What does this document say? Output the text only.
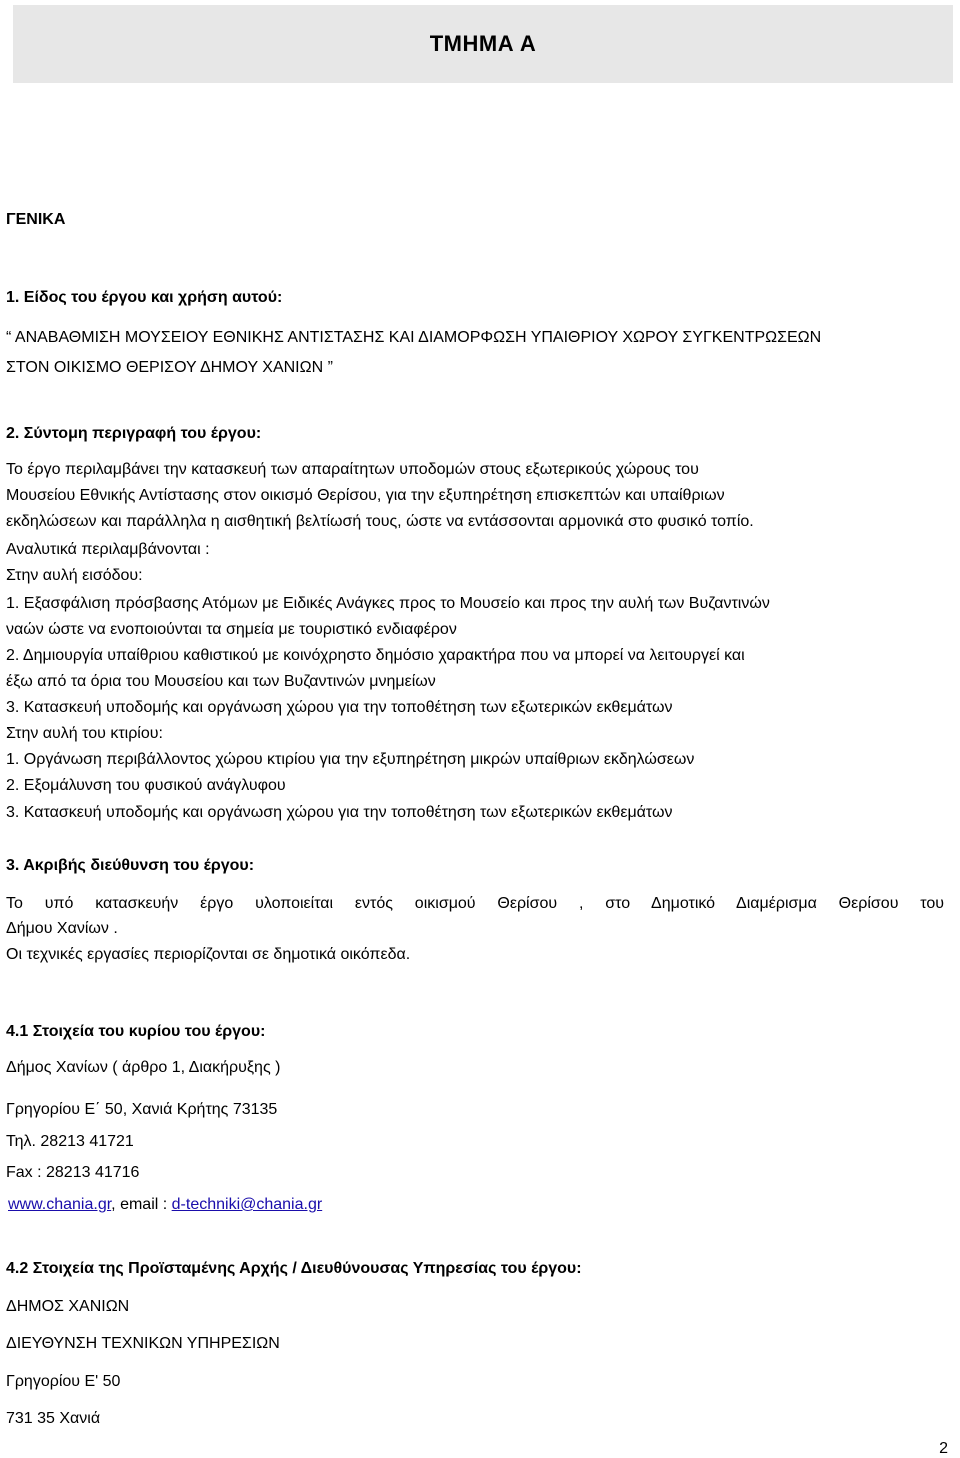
ΤΜΗΜΑ Α
ΓΕΝΙΚΑ
1. Είδος του έργου και χρήση αυτού:
“ ΑΝΑΒΑΘΜΙΣΗ ΜΟΥΣΕΙΟΥ ΕΘΝΙΚΗΣ ΑΝΤΙΣΤΑΣΗΣ ΚΑΙ ΔΙΑΜΟΡΦΩΣΗ ΥΠΑΙΘΡΙΟΥ ΧΩΡΟΥ ΣΥΓΚΕΝΤΡΩΣΕΩΝ
ΣΤΟΝ ΟΙΚΙΣΜΟ ΘΕΡΙΣΟΥ ΔΗΜΟΥ ΧΑΝΙΩΝ ”
2. Σύντομη περιγραφή του έργου:
Το έργο περιλαμβάνει την κατασκευή των απαραίτητων υποδομών στους εξωτερικούς χώρους του
Μουσείου Εθνικής Αντίστασης στον οικισμό Θερίσου, για την εξυπηρέτηση επισκεπτών και υπαίθριων
εκδηλώσεων και παράλληλα η αισθητική βελτίωσή τους, ώστε να εντάσσονται αρμονικά στο φυσικό τοπίο.
Αναλυτικά περιλαμβάνονται :
Στην αυλή εισόδου:
1. Εξασφάλιση πρόσβασης Ατόμων με Ειδικές Ανάγκες προς το Μουσείο και προς την αυλή των Βυζαντινών
ναών ώστε να ενοποιούνται τα σημεία με τουριστικό ενδιαφέρον
2. Δημιουργία υπαίθριου καθιστικού με κοινόχρηστο δημόσιο χαρακτήρα που να μπορεί να λειτουργεί και
έξω από τα όρια του Μουσείου και των Βυζαντινών μνημείων
3. Κατασκευή υποδομής και οργάνωση χώρου για την τοποθέτηση των εξωτερικών εκθεμάτων
Στην αυλή του κτιρίου:
1. Οργάνωση περιβάλλοντος χώρου κτιρίου για την εξυπηρέτηση μικρών υπαίθριων εκδηλώσεων
2. Εξομάλυνση του φυσικού ανάγλυφου
3. Κατασκευή υποδομής και οργάνωση χώρου για την τοποθέτηση των εξωτερικών εκθεμάτων
3. Ακριβής διεύθυνση του έργου:
Το υπό κατασκευήν έργο υλοποιείται εντός οικισμού Θερίσου , στο Δημοτικό Διαμέρισμα Θερίσου του
Δήμου Χανίων .
Οι τεχνικές εργασίες περιορίζονται σε δημοτικά οικόπεδα.
4.1 Στοιχεία του κυρίου του έργου:
Δήμος Χανίων ( άρθρο 1, Διακήρυξης )
Γρηγορίου Ε΄ 50, Χανιά Κρήτης 73135
Τηλ. 28213 41721
Fax : 28213 41716
www.chania.gr, email : d-techniki@chania.gr
4.2 Στοιχεία της Προϊσταμένης Αρχής / Διευθύνουσας Υπηρεσίας του έργου:
ΔΗΜΟΣ ΧΑΝΙΩΝ
ΔΙΕΥΘΥΝΣΗ ΤΕΧΝΙΚΩΝ ΥΠΗΡΕΣΙΩΝ
Γρηγορίου Ε' 50
731 35 Χανιά
2
